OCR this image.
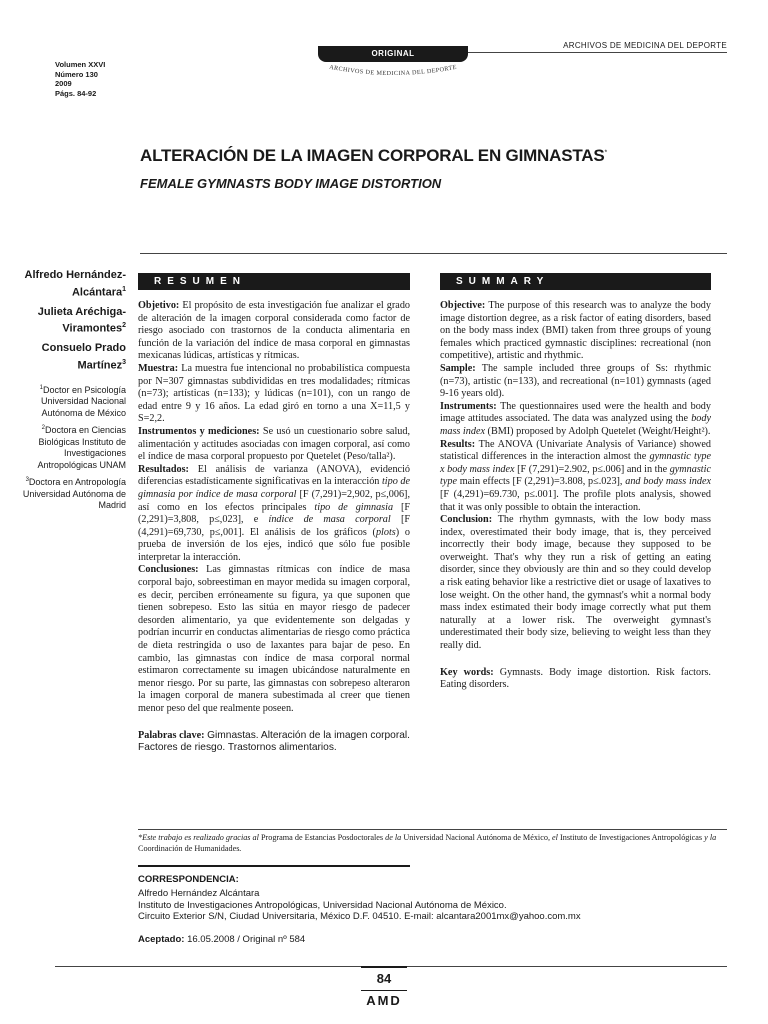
ARCHIVOS DE MEDICINA DEL DEPORTE
ORIGINAL
ARCHIVOS DE MEDICINA DEL DEPORTE
Volumen XXVI
Número 130
2009
Págs. 84-92
ALTERACIÓN DE LA IMAGEN CORPORAL EN GIMNASTAS*
FEMALE GYMNASTS BODY IMAGE DISTORTION
Alfredo Hernández-Alcántara$^1$
Julieta Aréchiga-Viramontes$^2$
Consuelo Prado Martínez$^3$
$^1$Doctor en Psicología Universidad Nacional Autónoma de México
$^2$Doctora en Ciencias Biológicas Instituto de Investigaciones Antropológicas UNAM
$^3$Doctora en Antropología Universidad Autónoma de Madrid
RESUMEN	SUMMARY

Objetivo: El propósito de esta investigación fue analizar el grado de alteración de la imagen corporal considerada como factor de riesgo asociado con trastornos de la conducta alimentaria en función de la variación del índice de masa corporal en gimnastas mexicanas lúdicas, artísticas y rítmicas.

Muestra: La muestra fue intencional no probabilística compuesta por N=307 gimnastas subdivididas en tres modalidades; rítmicas (n=73); artísticas (n=133); y lúdicas (n=101), con un rango de edad entre 9 y 16 años. La edad giró en torno a una X=11,5 y S=2,2.

Instrumentos y mediciones: Se usó un cuestionario sobre salud, alimentación y actitudes asociadas con imagen corporal, así como el índice de masa corporal propuesto por Quetelet (Peso/talla²).

Resultados: El análisis de varianza (ANOVA), evidenció diferencias estadísticamente significativas en la interacción tipo de gimnasia por índice de masa corporal [F (7,291)=2,902, p≤,006], así como en los efectos principales tipo de gimnasia [F (2,291)=3,808, p≤,023], e índice de masa corporal [F (4,291)=69,730, p≤,001]. El análisis de los gráficos (plots) o prueba de inversión de los ejes, indicó que sólo fue posible interpretar la interacción.

Conclusiones: Las gimnastas rítmicas con índice de masa corporal bajo, sobreestiman en mayor medida su imagen corporal, es decir, perciben erróneamente su figura, ya que suponen que tienen sobrepeso. Esto las sitúa en mayor riesgo de padecer desorden alimentario, ya que evidentemente son delgadas y podrían incurrir en conductas alimentarias de riesgo como práctica de dieta restringida o uso de laxantes para bajar de peso. En cambio, las gimnastas con índice de masa corporal normal estimaron correctamente su imagen ubicándose naturalmente en menor riesgo. Por su parte, las gimnastas con sobrepeso alteraron la imagen corporal de manera subestimada al creer que tienen menor peso del que realmente poseen.

Palabras clave: Gimnastas. Alteración de la imagen corporal. Factores de riesgo. Trastornos alimentarios.

Objective: The purpose of this research was to analyze the body image distortion degree, as a risk factor of eating disorders, based on the body mass index (BMI) taken from three groups of young females which practiced gymnastic disciplines: recreational (non competitive), artistic and rhythmic.

Sample: The sample included three groups of Ss: rhythmic (n=73), artistic (n=133), and recreational (n=101) gymnasts (aged 9-16 years old).

Instruments: The questionnaires used were the health and body image attitudes associated. The data was analyzed using the body mass index (BMI) proposed by Adolph Quetelet (Weight/Height²).

Results: The ANOVA (Univariate Analysis of Variance) showed statistical differences in the interaction almost the gymnastic type x body mass index [F (7,291)=2.902, p≤.006] and in the gymnastic type main effects [F (2,291)=3.808, p≤.023], and body mass index [F (4,291)=69.730, p≤.001]. The profile plots analysis, showed that it was only possible to obtain the interaction.

Conclusion: The rhythm gymnasts, with the low body mass index, overestimated their body image, that is, they perceived incorrectly their body image, because they supposed to be overweight. That's why they run a risk of getting an eating disorder, since they obviously are thin and so they could develop a risk eating behavior like a restrictive diet or usage of laxatives to lose weight. On the other hand, the gymnast's whit a normal body mass index estimated their body image correctly what put them naturally at a lower risk. The overweight gymnast's underestimated their body size, believing to weight less than they really did.

Key words: Gymnasts. Body image distortion. Risk factors. Eating disorders.

*Este trabajo es realizado gracias al Programa de Estancias Posdoctorales de la Universidad Nacional Autónoma de México, el Instituto de Investigaciones Antropológicas y la Coordinación de Humanidades.
CORRESPONDENCIA:
Alfredo Hernández Alcántara
Instituto de Investigaciones Antropológicas, Universidad Nacional Autónoma de México.
Circuito Exterior S/N, Ciudad Universitaria, México D.F. 04510. E-mail: alcantara2001mx@yahoo.com.mx
Aceptado: 16.05.2008 / Original nº 584
84
AMD
